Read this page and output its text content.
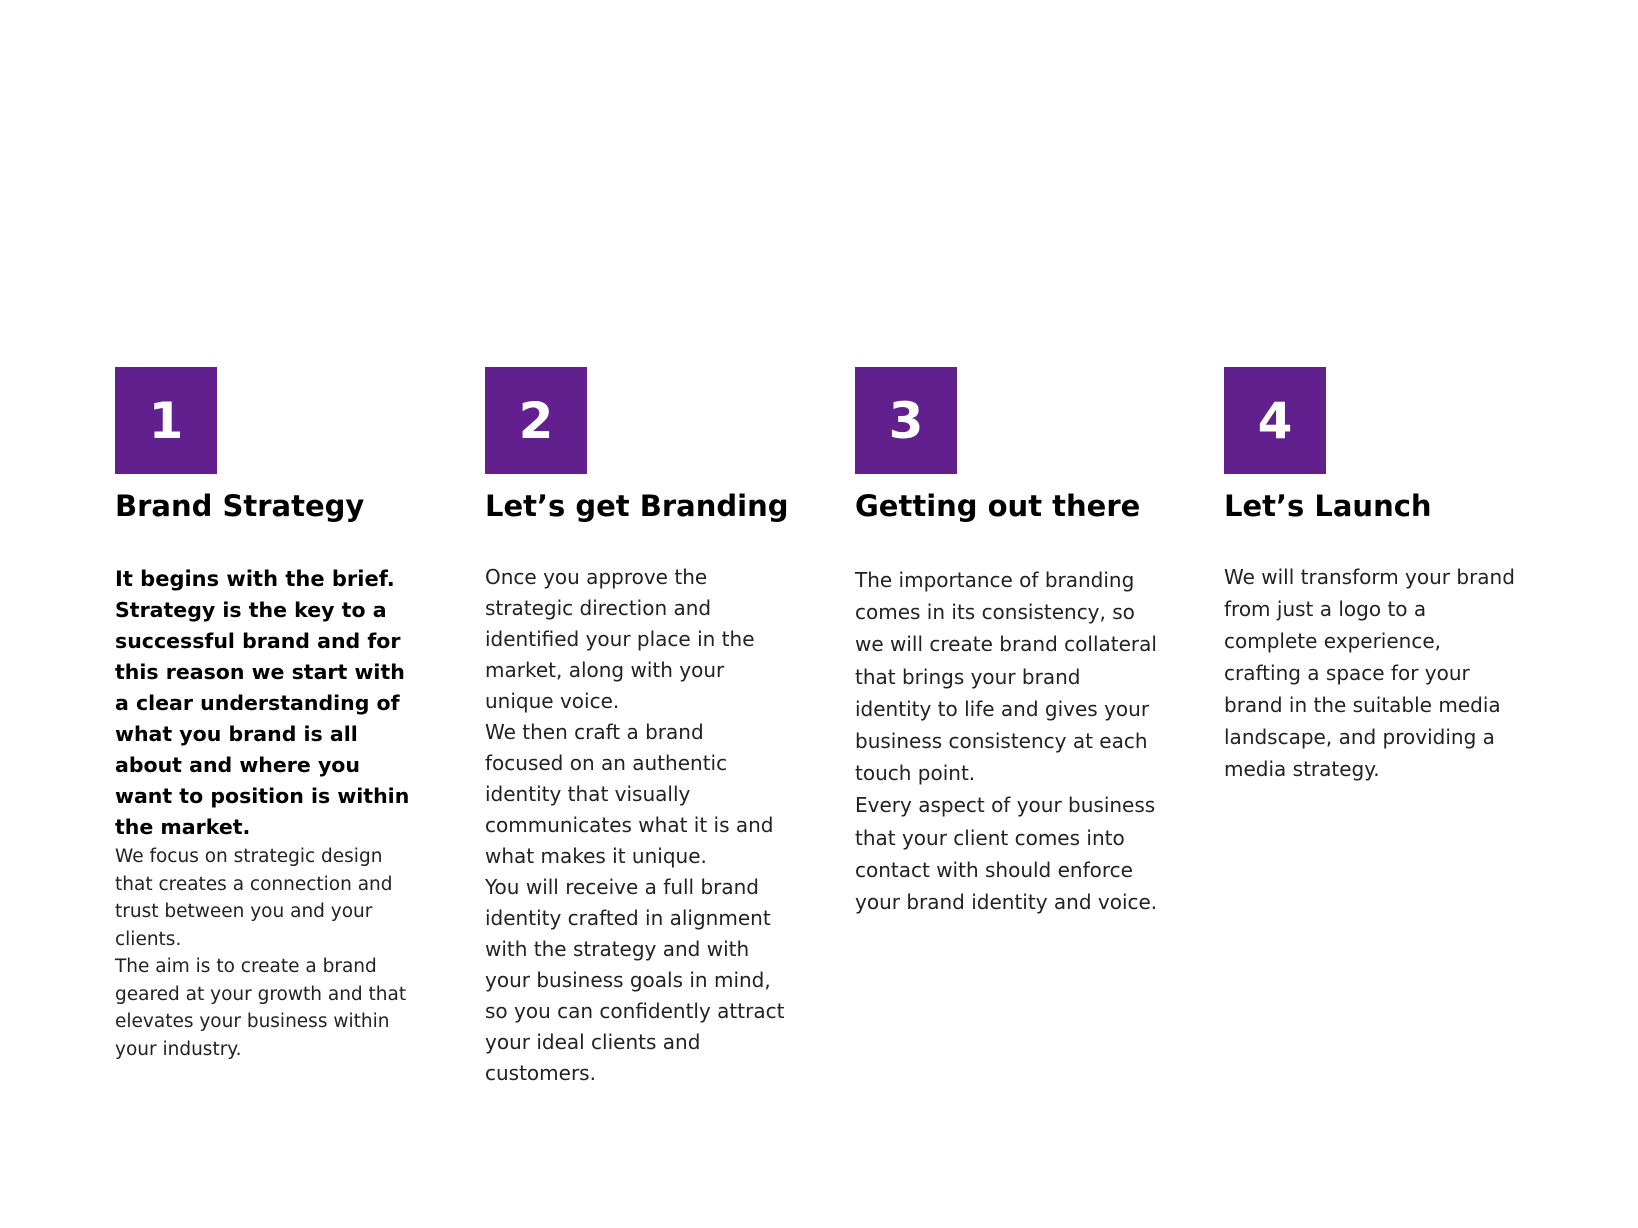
1
Brand Strategy

It begins with the brief.
Strategy is the key to a successful brand and for this reason we start with a clear understanding of what you brand is all about and where you want to position is within the market.

We focus on strategic design that creates a connection and trust between you and your clients.

The aim is to create a brand geared at your growth and that elevates your business within your industry.

2
Let’s get Branding

Once you approve the strategic direction and identified your place in the market, along with your unique voice.

We then craft a brand focused on an authentic identity that visually communicates what it is and what makes it unique.

You will receive a full brand identity crafted in alignment with the strategy and with your business goals in mind, so you can confidently attract your ideal clients and customers.

3
Getting out there

The importance of branding comes in its consistency, so we will create brand collateral that brings your brand identity to life and gives your business consistency at each touch point.

Every aspect of your business that your client comes into contact with should enforce your brand identity and voice.

4
Let’s Launch

We will transform your brand from just a logo to a complete experience, crafting a space for your brand in the suitable media landscape, and providing a media strategy.
